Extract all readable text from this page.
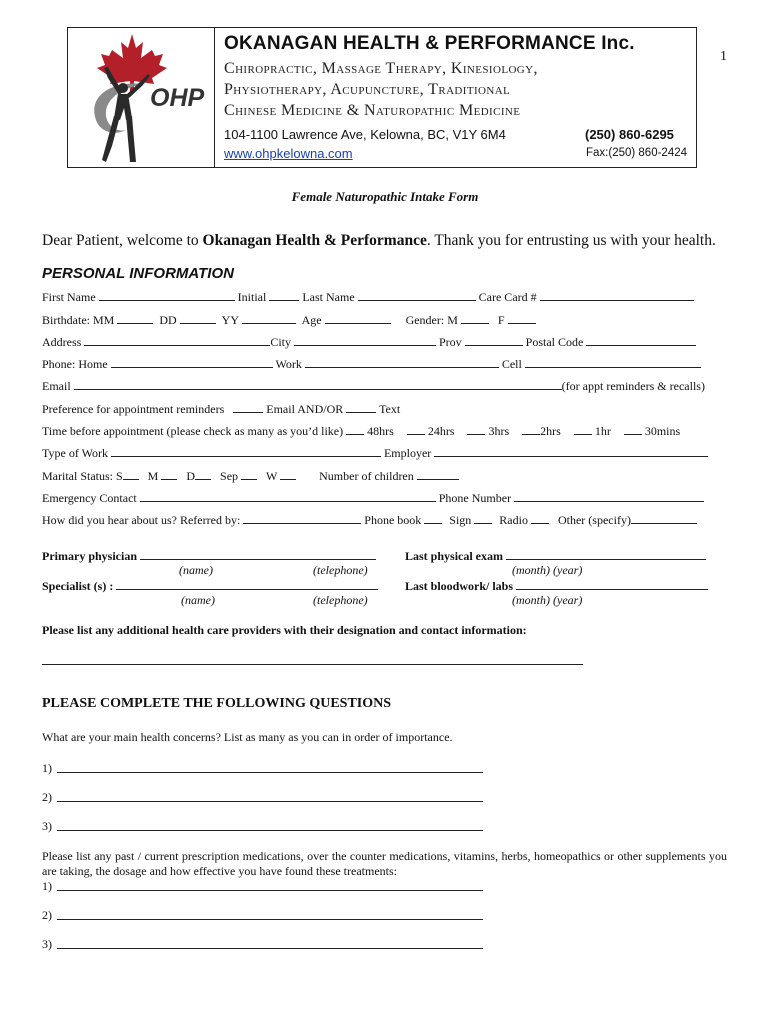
OHP
OKANAGAN HEALTH & PERFORMANCE Inc.
Chiropractic, Massage Therapy, Kinesiology,
Physiotherapy, Acupuncture, Traditional
Chinese Medicine & Naturopathic Medicine
104-1100 Lawrence Ave, Kelowna, BC, V1Y 6M4	(250) 860-6295
www.ohpkelowna.com	Fax:(250) 860-2424
1
Female Naturopathic Intake Form
Dear Patient, welcome to Okanagan Health & Performance. Thank you for entrusting us with your health.
PERSONAL INFORMATION
First Name	Initial	Last Name	Care Card #
Birthdate: MM	DD	YY	Age	Gender: M	F
Address	City	Prov	Postal Code
Phone: Home	Work	Cell
Email	(for appt reminders & recalls)
Preference for appointment reminders	Email AND/OR	Text
Time before appointment (please check as many as you’d like) 48hrs	24hrs	3hrs	2hrs	1hr	30mins
Type of Work	Employer
Marital Status: S M D Sep W	Number of children
Emergency Contact	Phone Number
How did you hear about us? Referred by:	Phone book Sign Radio	Other (specify)
Primary physician
(name)	(telephone)
Last physical exam
(month) (year)
Specialist (s) :
(name)	(telephone)
Last bloodwork/ labs
(month) (year)
Please list any additional health care providers with their designation and contact information:
PLEASE COMPLETE THE FOLLOWING QUESTIONS
What are your main health concerns? List as many as you can in order of importance.
1)
2)
3)
Please list any past / current prescription medications, over the counter medications, vitamins, herbs, homeopathics or other supplements you are taking, the dosage and how effective you have found these treatments:
1)
2)
3)
